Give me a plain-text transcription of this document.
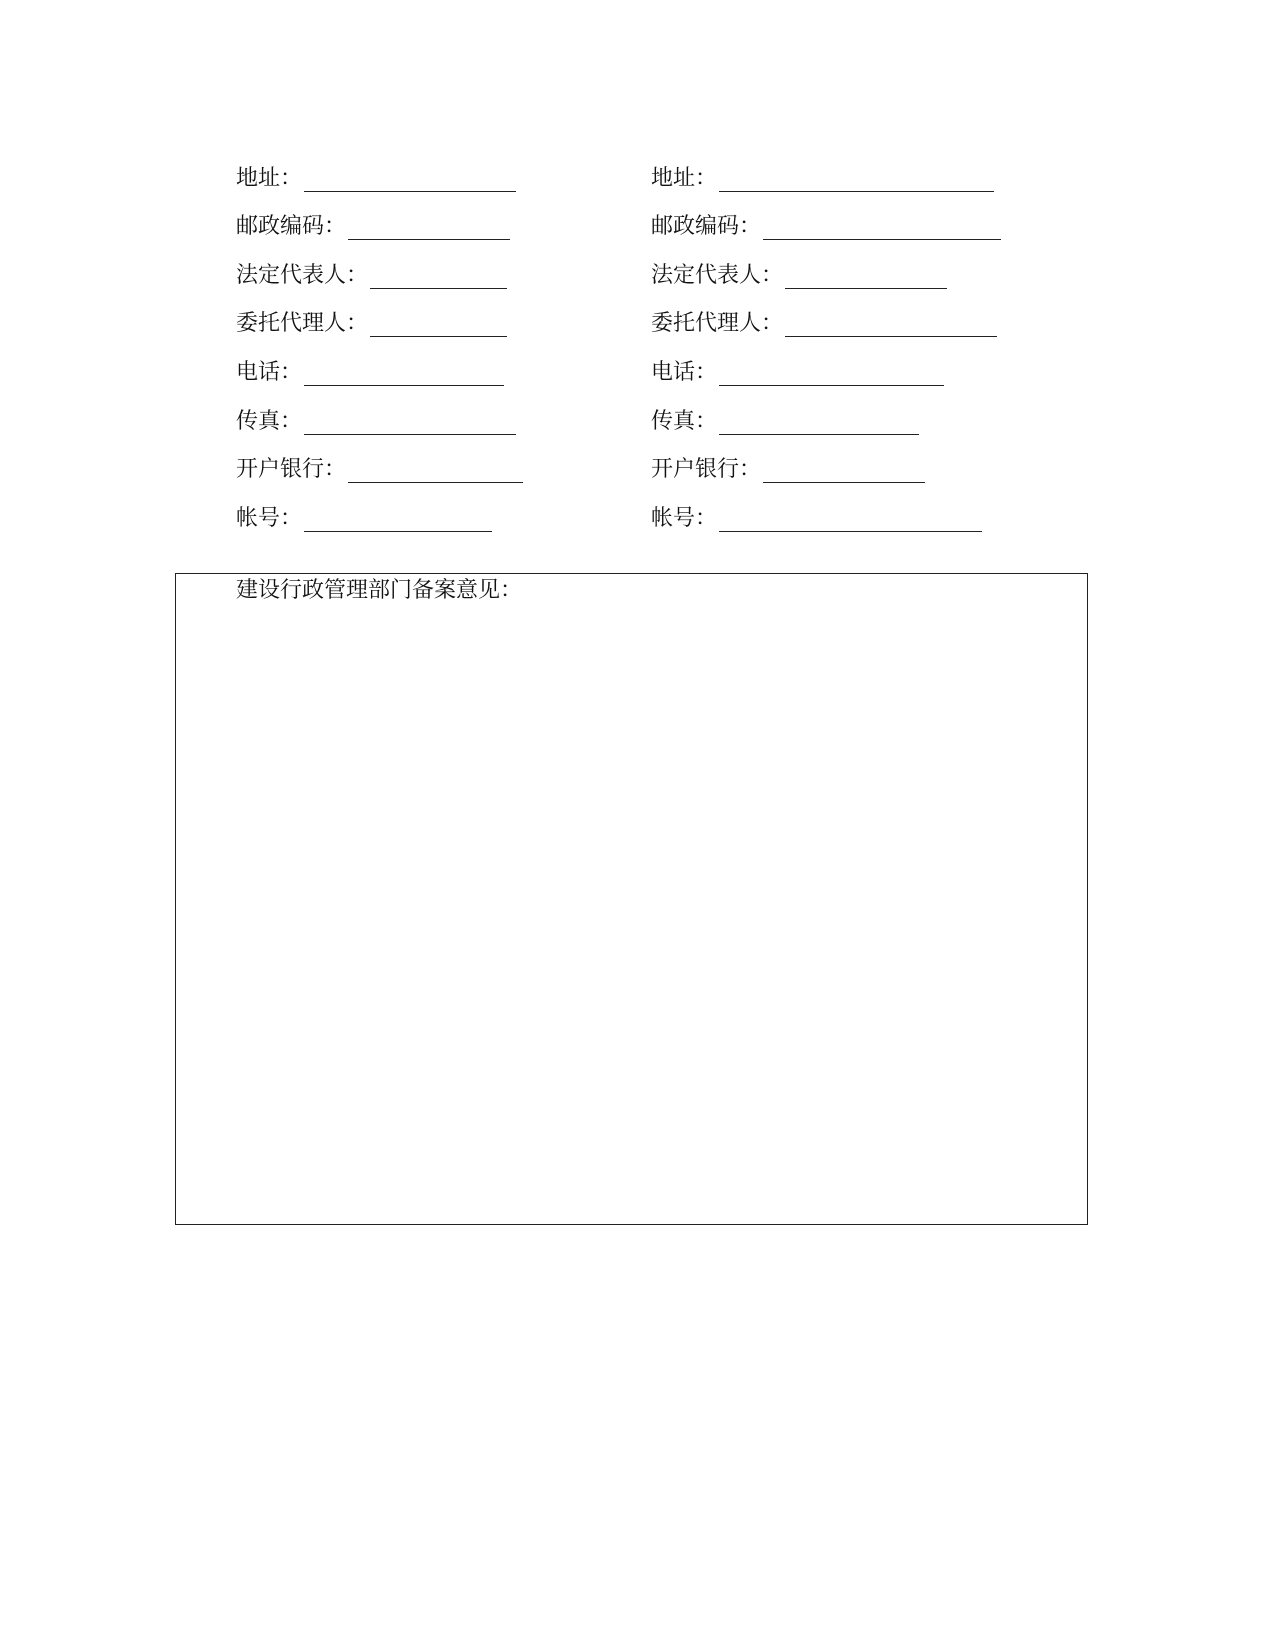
地址：
邮政编码：
法定代表人：
委托代理人：
电话：
传真：
开户银行：
帐号：
地址：
邮政编码：
法定代表人：
委托代理人：
电话：
传真：
开户银行：
帐号：
建设行政管理部门备案意见：
